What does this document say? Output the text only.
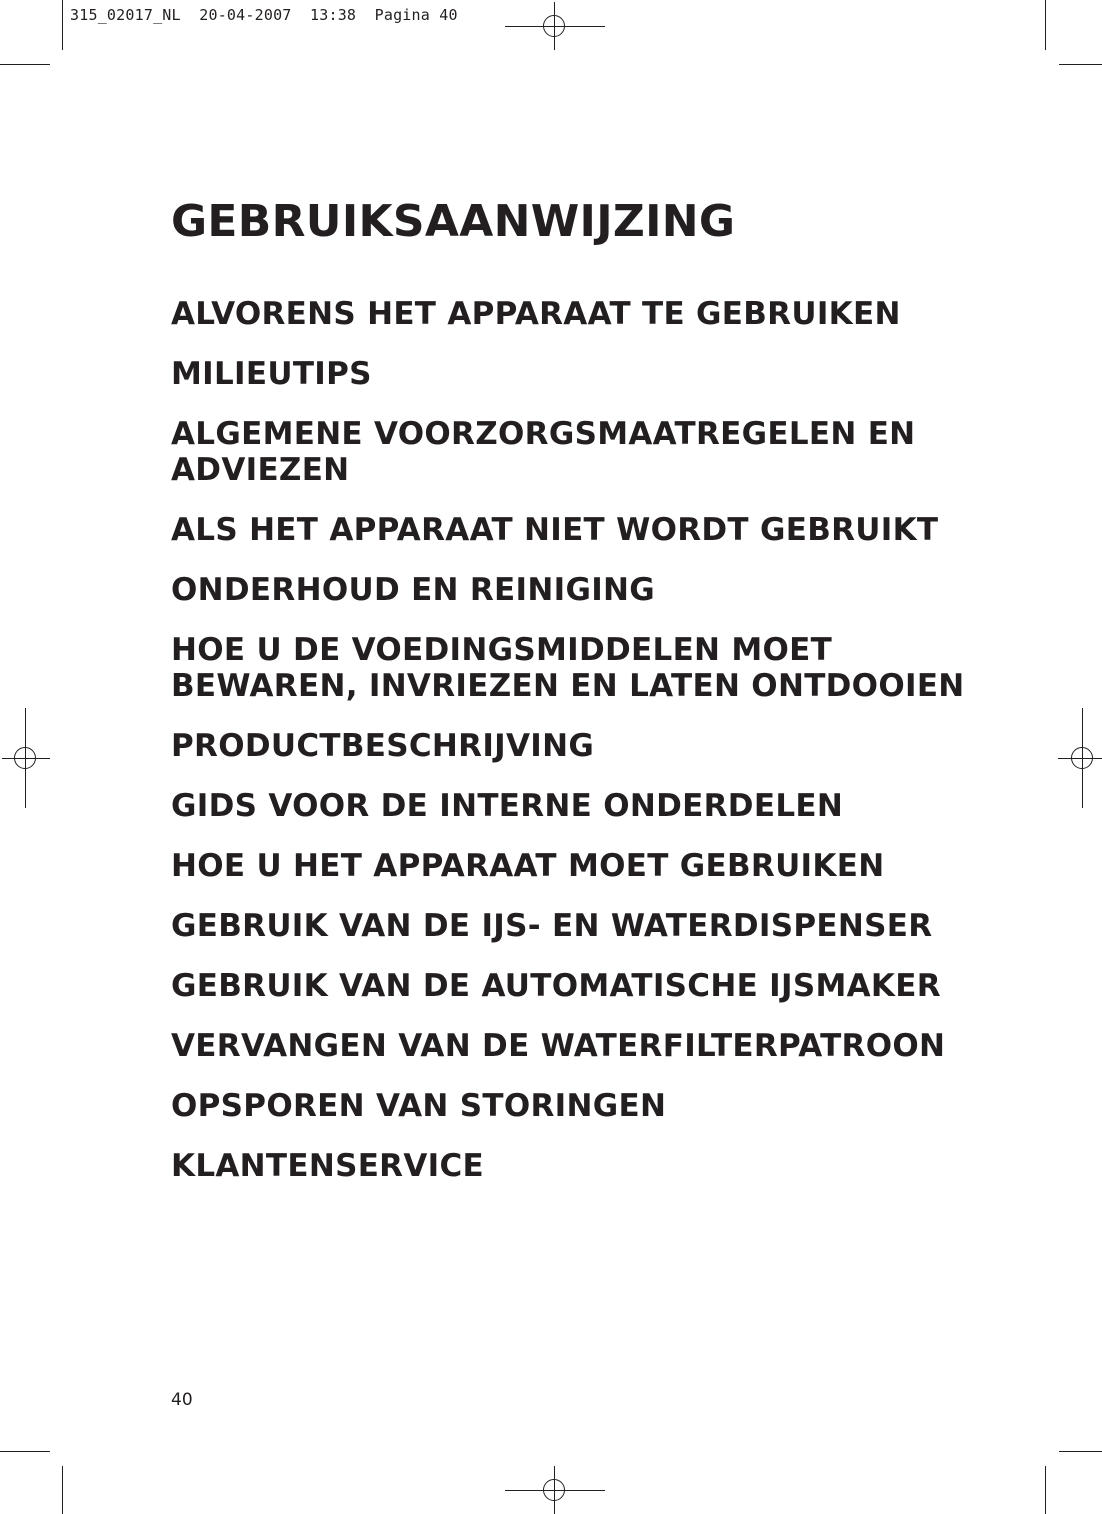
315_02017_NL  20-04-2007  13:38  Pagina 40
GEBRUIKSAANWIJZING
ALVORENS HET APPARAAT TE GEBRUIKEN
MILIEUTIPS
ALGEMENE VOORZORGSMAATREGELEN EN ADVIEZEN
ALS HET APPARAAT NIET WORDT GEBRUIKT
ONDERHOUD EN REINIGING
HOE U DE VOEDINGSMIDDELEN MOET BEWAREN, INVRIEZEN EN LATEN ONTDOOIEN
PRODUCTBESCHRIJVING
GIDS VOOR DE INTERNE ONDERDELEN
HOE U HET APPARAAT MOET GEBRUIKEN
GEBRUIK VAN DE IJS- EN WATERDISPENSER
GEBRUIK VAN DE AUTOMATISCHE IJSMAKER
VERVANGEN VAN DE WATERFILTERPATROON
OPSPOREN VAN STORINGEN
KLANTENSERVICE
40
